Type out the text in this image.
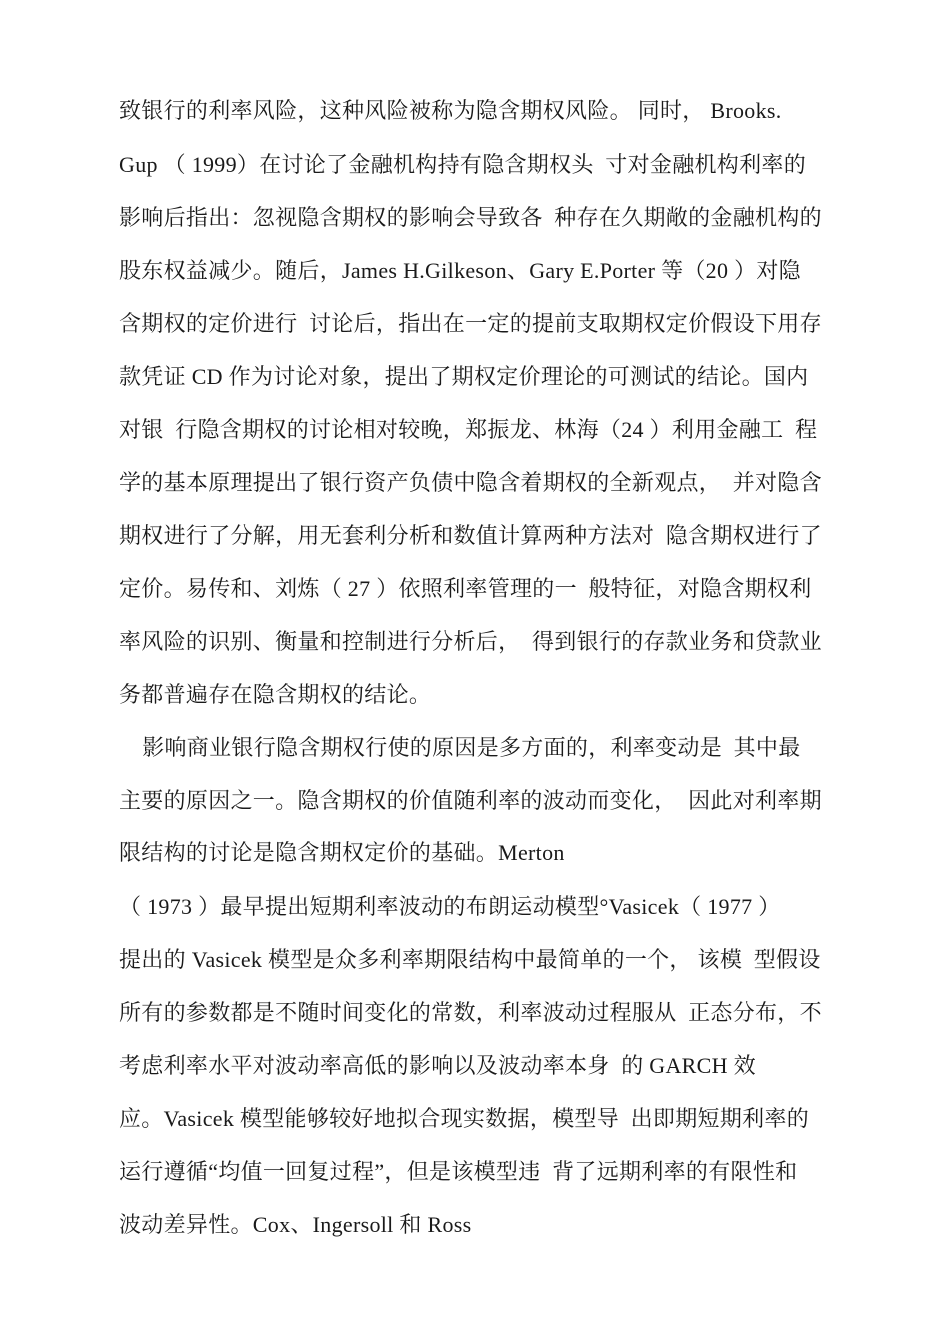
致银行的利率风险，这种风险被称为隐含期权风险。 同时， Brooks.
Gup （ 1999）在讨论了金融机构持有隐含期权头  寸对金融机构利率的
影响后指出：忽视隐含期权的影响会导致各  种存在久期敞的金融机构的
股东权益减少。随后，James H.Gilkeson、Gary E.Porter 等（20 ）对隐
含期权的定价进行  讨论后，指出在一定的提前支取期权定价假设下用存
款凭证 CD 作为讨论对象，提出了期权定价理论的可测试的结论。国内
对银  行隐含期权的讨论相对较晚，郑振龙、林海（24 ）利用金融工  程
学的基本原理提出了银行资产负债中隐含着期权的全新观点，  并对隐含
期权进行了分解，用无套利分析和数值计算两种方法对  隐含期权进行了
定价。易传和、刘炼（ 27 ）依照利率管理的一  般特征，对隐含期权利
率风险的识别、衡量和控制进行分析后，  得到银行的存款业务和贷款业
务都普遍存在隐含期权的结论。
影响商业银行隐含期权行使的原因是多方面的，利率变动是  其中最
主要的原因之一。隐含期权的价值随利率的波动而变化，  因此对利率期
限结构的讨论是隐含期权定价的基础。Merton
（ 1973 ）最早提出短期利率波动的布朗运动模型°Vasicek（ 1977 ）
提出的 Vasicek 模型是众多利率期限结构中最简单的一个， 该模  型假设
所有的参数都是不随时间变化的常数，利率波动过程服从  正态分布，不
考虑利率水平对波动率高低的影响以及波动率本身  的 GARCH 效
应。Vasicek 模型能够较好地拟合现实数据，模型导  出即期短期利率的
运行遵循“均值一回复过程”，但是该模型违  背了远期利率的有限性和
波动差异性。Cox、Ingersoll 和 Ross
